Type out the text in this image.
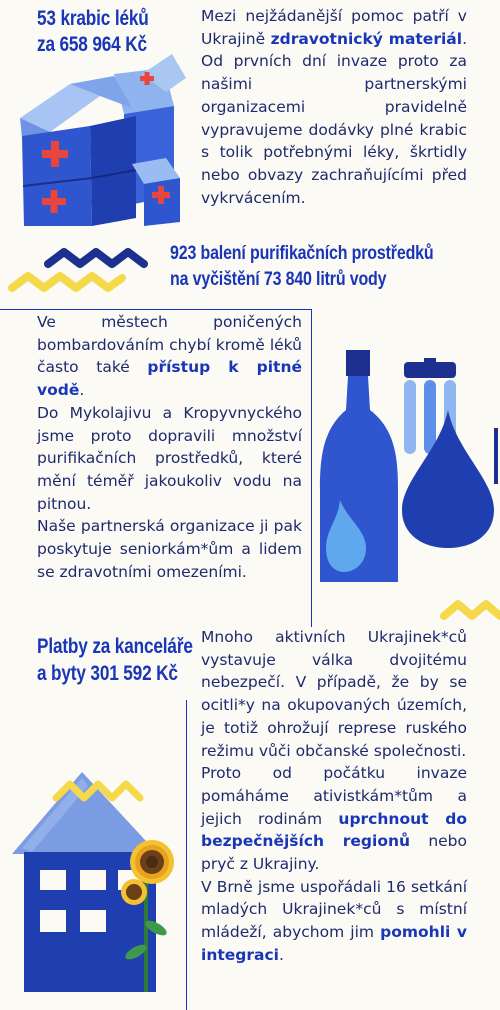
53 krabic léků
za 658 964 Kč

Mezi nejžádanější pomoc patří v Ukrajině zdravotnický materiál. Od prvních dní invaze proto za našimi partnerskými organizacemi pravidelně vypravujeme dodávky plné krabic s tolik potřebnými léky, škrtidly nebo obvazy zachraňujícími před vykrvácením.

923 balení purifikačních prostředků
na vyčištění 73 840 litrů vody

Ve městech poničených bombardováním chybí kromě léků často také přístup k pitné vodě.

Do Mykolajivu a Kropyvnyckého jsme proto dopravili množství purifikačních prostředků, které mění téměř jakoukoliv vodu na pitnou.

Naše partnerská organizace ji pak poskytuje seniorkám*ům a lidem se zdravotními omezeními.

Platby za kanceláře
a byty 301 592 Kč

Mnoho aktivních Ukrajinek*ců vystavuje válka dvojitému nebezpečí. V případě, že by se ocitli*y na okupovaných územích, je totiž ohrožují represe ruského režimu vůči občanské společnosti.

Proto od počátku invaze pomáháme ativistkám*tům a jejich rodinám uprchnout do bezpečnějších regionů nebo pryč z Ukrajiny.

V Brně jsme uspořádali 16 setkání mladých Ukrajinek*ců s místní mládeží, abychom jim pomohli v integraci.
